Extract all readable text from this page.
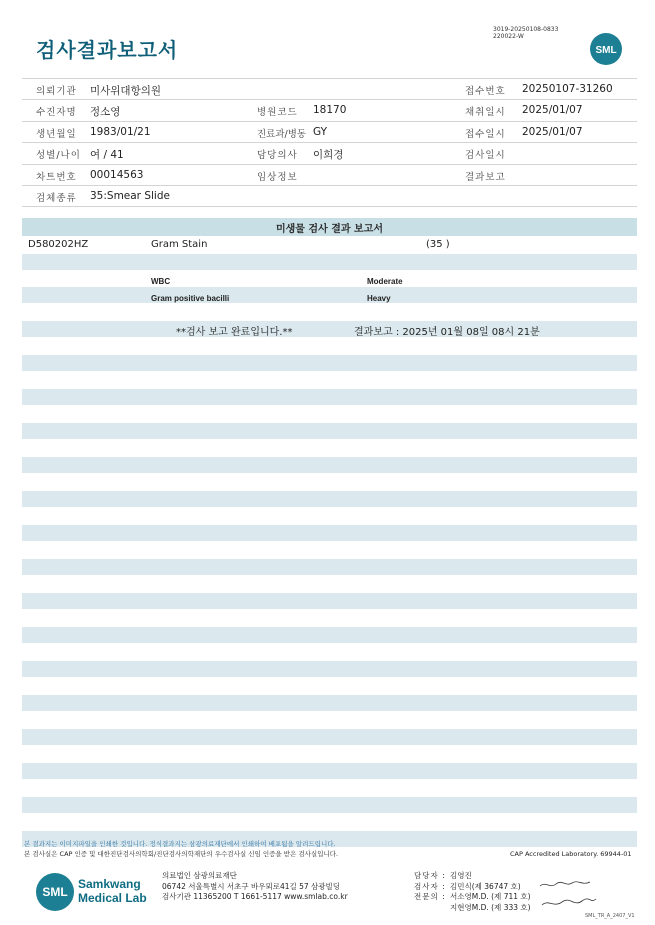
검사결과보고서
3019-20250108-0833
220022-W
SML
의뢰기관 미사위대항의원	접수번호 20250107-31260
수진자명 정소영	병원코드 18170	채취일시 2025/01/07
생년월일 1983/01/21	진료과/병동 GY	접수일시 2025/01/07
성별/나이 여 / 41	담당의사 이희경	검사일시
차트번호 00014563	임상정보	결과보고
검체종류 35:Smear Slide
미생물 검사 결과 보고서
D580202HZ	Gram Stain	(35 )
WBC	Moderate
Gram positive bacilli	Heavy
**검사 보고 완료입니다.**	결과보고 : 2025년 01월 08일 08시 21분
본 결과지는 이미지파일을 인쇄한 것입니다. 정식결과지는 삼광의료재단에서 인쇄하여 배포됨을 알려드립니다.
본 검사실은 CAP 인증 및 대한진단검사의학회/진단검사의학재단의 우수검사실 신임 인증을 받은 검사실입니다.	CAP Accredited Laboratory. 69944-01
SML
Samkwang
Medical Lab
의료법인 삼광의료재단
06742 서울특별시 서초구 바우뫼로41길 57 삼광빌딩
검사기관 11365200 T 1661-5117 www.smlab.co.kr
담당자 : 김영진
검사자 : 김민식(제 36747 호)
전문의 : 서소영M.D. (제 711 호)
지현영M.D. (제 333 호)
SML_TR_A_2407_V1
